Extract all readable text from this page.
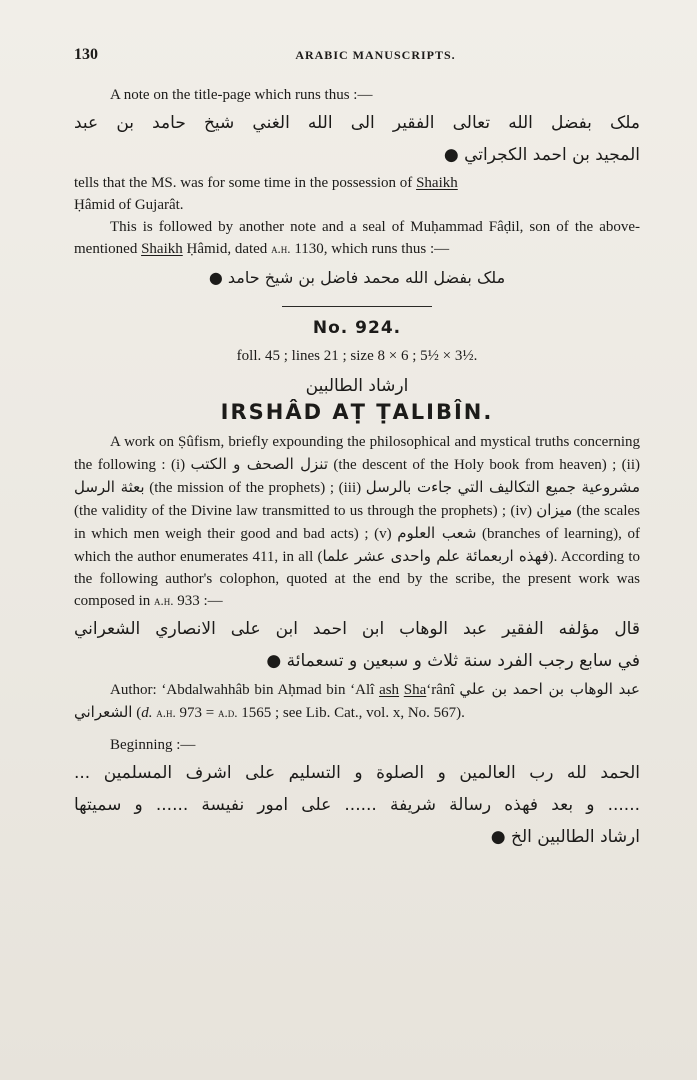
130	ARABIC MANUSCRIPTS.

A note on the title-page which runs thus :—

ملک بفضل الله تعالى الفقير الى الله الغني شيخ حامد بن عبد
المجيد بن احمد الكجراتي ●

tells that the MS. was for some time in the possession of Shaikh
Ḥâmid of Gujarât.

This is followed by another note and a seal of Muḥammad Fâḍil, son of the above-mentioned Shaikh Ḥâmid, dated a.h. 1130, which runs thus :—

ملک بفضل الله محمد فاضل بن شيخ حامد ●
No. 924.
foll. 45 ; lines 21 ; size 8 × 6 ; 5½ × 3½.
ارشاد الطالبين
IRSHÂD AṬ ṬALIBÎN.

A work on Ṣûfism, briefly expounding the philosophical and mystical truths concerning the following : (i) تنزل الصحف و الكتب (the descent of the Holy book from heaven) ; (ii) بعثة الرسل (the mission of the prophets) ; (iii) مشروعية جميع التكاليف التي جاءت بالرسل (the validity of the Divine law transmitted to us through the prophets) ; (iv) ميزان (the scales in which men weigh their good and bad acts) ; (v) شعب العلوم (branches of learning), of which the author enumerates 411, in all (فهذه اربعمائة علم واحدى عشر علما). According to the following author's colophon, quoted at the end by the scribe, the present work was composed in a.h. 933 :—

قال مؤلفه الفقير عبد الوهاب ابن احمد ابن على الانصاري الشعراني
في سابع رجب الفرد سنة ثلاث و سبعين و تسعمائة ●

Author: ‘Abdalwahhâb bin Aḥmad bin ‘Alî ash Sha‘rânî عبد الوهاب بن احمد بن علي الشعراني (d. a.h. 973 = a.d. 1565 ; see Lib. Cat., vol. x, No. 567).

Beginning :—
الحمد لله رب العالمين و الصلوة و التسليم على اشرف المسلمين ...
...... و بعد فهذه رسالة شريفة ...... على امور نفيسة ...... و سميتها
ارشاد الطالبين الخ ●
